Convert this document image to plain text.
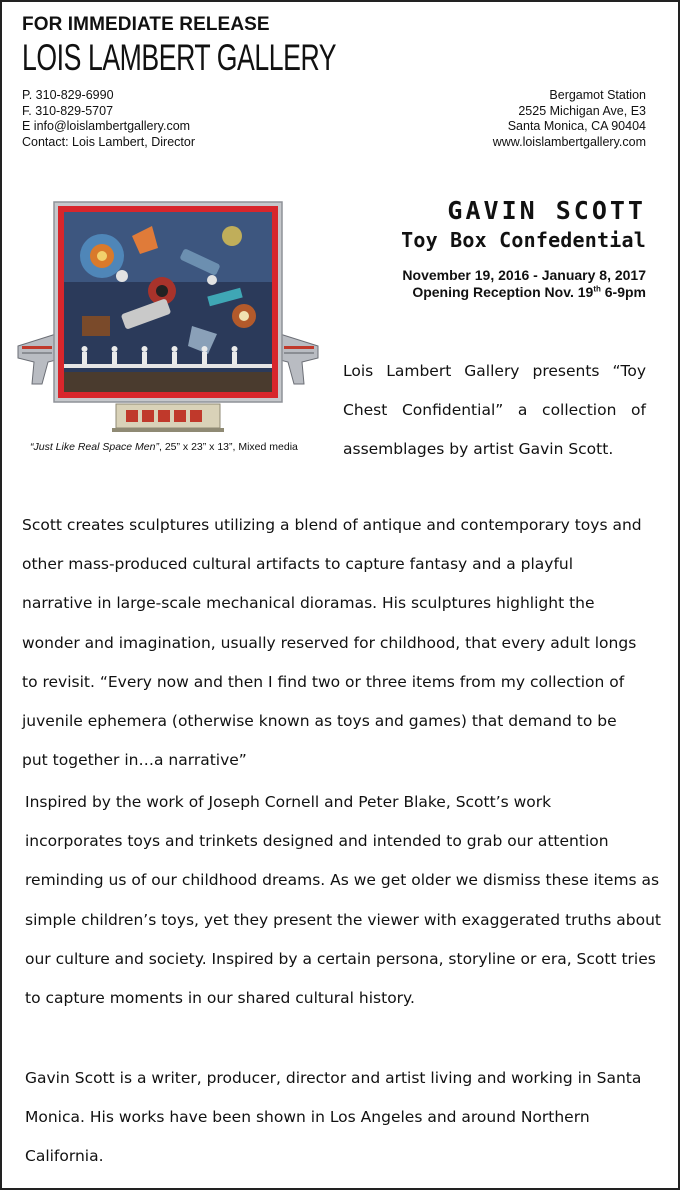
FOR IMMEDIATE RELEASE
LOIS LAMBERT GALLERY
P. 310-829-6990
F. 310-829-5707
E info@loislambertgallery.com
Contact: Lois Lambert, Director
Bergamot Station
2525 Michigan Ave, E3
Santa Monica, CA 90404
www.loislambertgallery.com
“Just Like Real Space Men”, 25” x 23” x 13”, Mixed media
GAVIN SCOTT
Toy Box Confedential
November 19, 2016 - January 8, 2017
Opening Reception Nov. 19th 6-9pm
Lois Lambert Gallery presents “Toy Chest Confidential” a collection of assemblages by artist Gavin Scott.
Scott creates sculptures utilizing a blend of antique and contemporary toys and
other mass-produced cultural artifacts to capture fantasy and a playful
narrative in large-scale mechanical dioramas. His sculptures highlight the
wonder and imagination, usually reserved for childhood, that every adult longs
to revisit. “Every now and then I find two or three items from my collection of
juvenile ephemera (otherwise known as toys and games) that demand to be
put together in…a narrative”
Inspired by the work of Joseph Cornell and Peter Blake, Scott’s work
incorporates toys and trinkets designed and intended to grab our attention
reminding us of our childhood dreams. As we get older we dismiss these items as
simple children’s toys, yet they present the viewer with exaggerated truths about
our culture and society. Inspired by a certain persona, storyline or era, Scott tries
to capture moments in our shared cultural history.
Gavin Scott is a writer, producer, director and artist living and working in Santa
Monica. His works have been shown in Los Angeles and around Northern
California.
